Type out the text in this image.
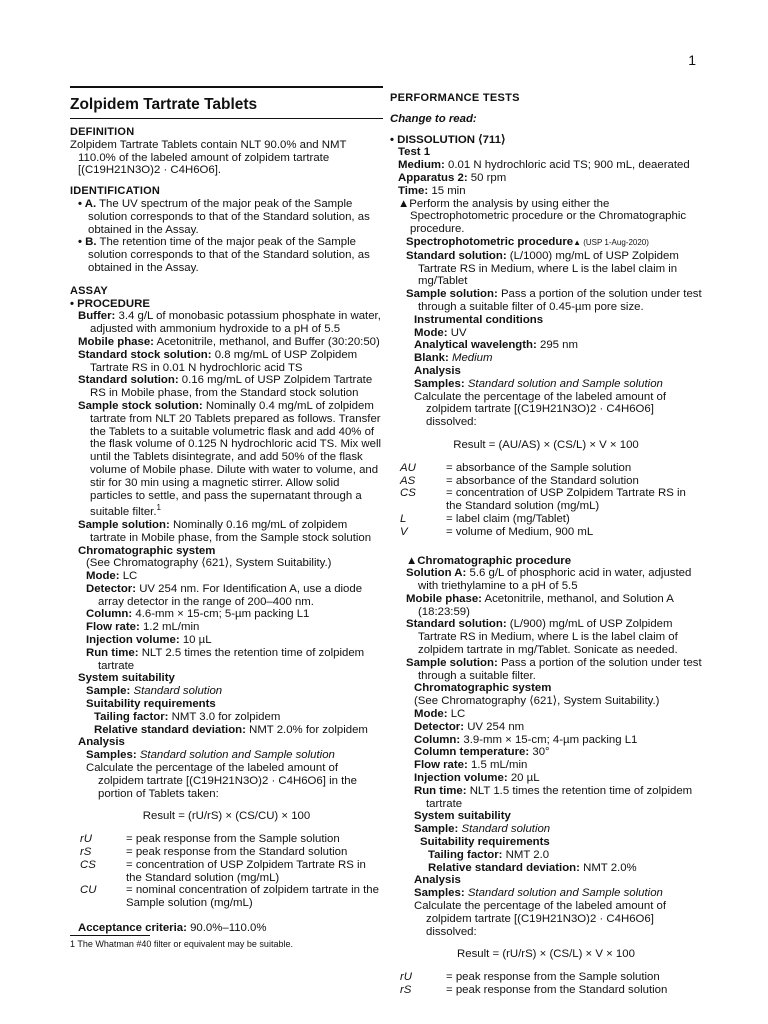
1
Zolpidem Tartrate Tablets
DEFINITION
Zolpidem Tartrate Tablets contain NLT 90.0% and NMT 110.0% of the labeled amount of zolpidem tartrate [(C19H21N3O)2 · C4H6O6].
IDENTIFICATION
• A. The UV spectrum of the major peak of the Sample solution corresponds to that of the Standard solution, as obtained in the Assay.
• B. The retention time of the major peak of the Sample solution corresponds to that of the Standard solution, as obtained in the Assay.
ASSAY
• PROCEDURE
Buffer: 3.4 g/L of monobasic potassium phosphate in water, adjusted with ammonium hydroxide to a pH of 5.5
Mobile phase: Acetonitrile, methanol, and Buffer (30:20:50)
Standard stock solution: 0.8 mg/mL of USP Zolpidem Tartrate RS in 0.01 N hydrochloric acid TS
Standard solution: 0.16 mg/mL of USP Zolpidem Tartrate RS in Mobile phase, from the Standard stock solution
Sample stock solution: Nominally 0.4 mg/mL of zolpidem tartrate from NLT 20 Tablets prepared as follows. Transfer the Tablets to a suitable volumetric flask and add 40% of the flask volume of 0.125 N hydrochloric acid TS. Mix well until the Tablets disintegrate, and add 50% of the flask volume of Mobile phase. Dilute with water to volume, and stir for 30 min using a magnetic stirrer. Allow solid particles to settle, and pass the supernatant through a suitable filter.$^1$
Sample solution: Nominally 0.16 mg/mL of zolpidem tartrate in Mobile phase, from the Sample stock solution
Chromatographic system
(See Chromatography ⟨621⟩, System Suitability.)
Mode: LC
Detector: UV 254 nm. For Identification A, use a diode array detector in the range of 200–400 nm.
Column: 4.6-mm × 15-cm; 5-µm packing L1
Flow rate: 1.2 mL/min
Injection volume: 10 µL
Run time: NLT 2.5 times the retention time of zolpidem tartrate
System suitability
Sample: Standard solution
Suitability requirements
Tailing factor: NMT 3.0 for zolpidem
Relative standard deviation: NMT 2.0% for zolpidem
Analysis
Samples: Standard solution and Sample solution
Calculate the percentage of the labeled amount of zolpidem tartrate [(C19H21N3O)2 · C4H6O6] in the portion of Tablets taken:
Result = (rU/rS) × (CS/CU) × 100
rU	= peak response from the Sample solution
rS	= peak response from the Standard solution
CS	= concentration of USP Zolpidem Tartrate RS in the Standard solution (mg/mL)
CU	= nominal concentration of zolpidem tartrate in the Sample solution (mg/mL)
Acceptance criteria: 90.0%–110.0%
1 The Whatman #40 filter or equivalent may be suitable.
PERFORMANCE TESTS
Change to read:
• DISSOLUTION ⟨711⟩
Test 1
Medium: 0.01 N hydrochloric acid TS; 900 mL, deaerated
Apparatus 2: 50 rpm
Time: 15 min
▲Perform the analysis by using either the Spectrophotometric procedure or the Chromatographic procedure.
Spectrophotometric procedure▲ (USP 1-Aug-2020)
Standard solution: (L/1000) mg/mL of USP Zolpidem Tartrate RS in Medium, where L is the label claim in mg/Tablet
Sample solution: Pass a portion of the solution under test through a suitable filter of 0.45-µm pore size.
Instrumental conditions
Mode: UV
Analytical wavelength: 295 nm
Blank: Medium
Analysis
Samples: Standard solution and Sample solution
Calculate the percentage of the labeled amount of zolpidem tartrate [(C19H21N3O)2 · C4H6O6] dissolved:
Result = (AU/AS) × (CS/L) × V × 100
AU	= absorbance of the Sample solution
AS	= absorbance of the Standard solution
CS	= concentration of USP Zolpidem Tartrate RS in the Standard solution (mg/mL)
L	= label claim (mg/Tablet)
V	= volume of Medium, 900 mL
▲Chromatographic procedure
Solution A: 5.6 g/L of phosphoric acid in water, adjusted with triethylamine to a pH of 5.5
Mobile phase: Acetonitrile, methanol, and Solution A (18:23:59)
Standard solution: (L/900) mg/mL of USP Zolpidem Tartrate RS in Medium, where L is the label claim of zolpidem tartrate in mg/Tablet. Sonicate as needed.
Sample solution: Pass a portion of the solution under test through a suitable filter.
Chromatographic system
(See Chromatography ⟨621⟩, System Suitability.)
Mode: LC
Detector: UV 254 nm
Column: 3.9-mm × 15-cm; 4-µm packing L1
Column temperature: 30°
Flow rate: 1.5 mL/min
Injection volume: 20 µL
Run time: NLT 1.5 times the retention time of zolpidem tartrate
System suitability
Sample: Standard solution
Suitability requirements
Tailing factor: NMT 2.0
Relative standard deviation: NMT 2.0%
Analysis
Samples: Standard solution and Sample solution
Calculate the percentage of the labeled amount of zolpidem tartrate [(C19H21N3O)2 · C4H6O6] dissolved:
Result = (rU/rS) × (CS/L) × V × 100
rU	= peak response from the Sample solution
rS	= peak response from the Standard solution
